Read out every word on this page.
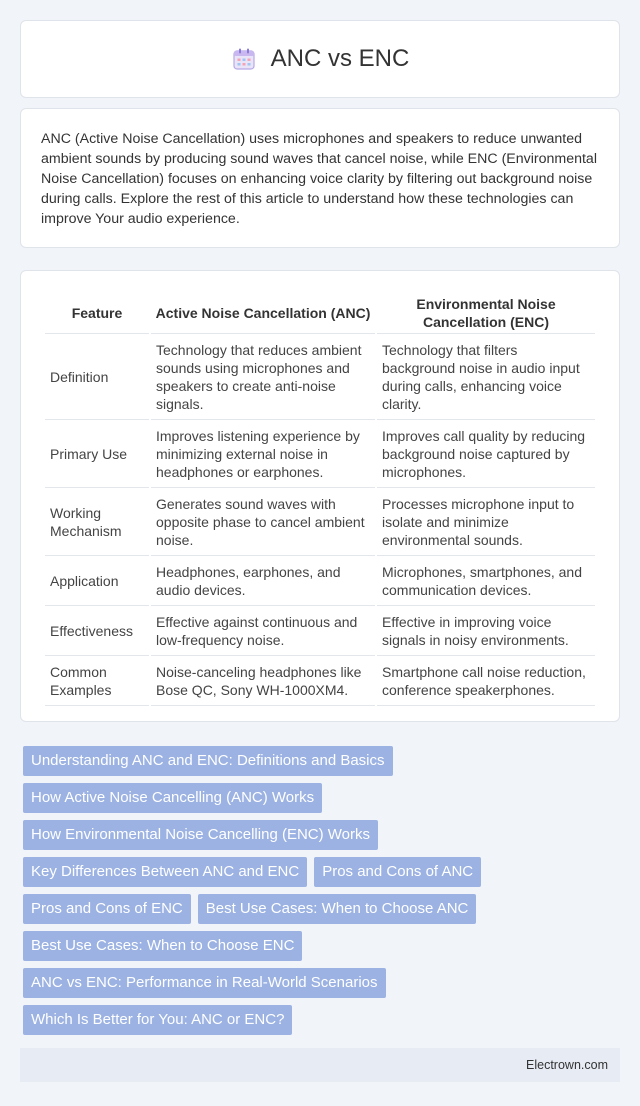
ANC vs ENC

ANC (Active Noise Cancellation) uses microphones and speakers to reduce unwanted ambient sounds by producing sound waves that cancel noise, while ENC (Environmental Noise Cancellation) focuses on enhancing voice clarity by filtering out background noise during calls. Explore the rest of this article to understand how these technologies can improve Your audio experience.

Feature	Active Noise Cancellation (ANC)	Environmental Noise Cancellation (ENC)
Definition	Technology that reduces ambient sounds using microphones and speakers to create anti-noise signals.	Technology that filters background noise in audio input during calls, enhancing voice clarity.
Primary Use	Improves listening experience by minimizing external noise in headphones or earphones.	Improves call quality by reducing background noise captured by microphones.
Working Mechanism	Generates sound waves with opposite phase to cancel ambient noise.	Processes microphone input to isolate and minimize environmental sounds.
Application	Headphones, earphones, and audio devices.	Microphones, smartphones, and communication devices.
Effectiveness	Effective against continuous and low-frequency noise.	Effective in improving voice signals in noisy environments.
Common Examples	Noise-canceling headphones like Bose QC, Sony WH-1000XM4.	Smartphone call noise reduction, conference speakerphones.
Understanding ANC and ENC: Definitions and Basics
How Active Noise Cancelling (ANC) Works
How Environmental Noise Cancelling (ENC) Works
Key Differences Between ANC and ENC	Pros and Cons of ANC
Pros and Cons of ENC	Best Use Cases: When to Choose ANC
Best Use Cases: When to Choose ENC
ANC vs ENC: Performance in Real-World Scenarios
Which Is Better for You: ANC or ENC?
Electrown.com
